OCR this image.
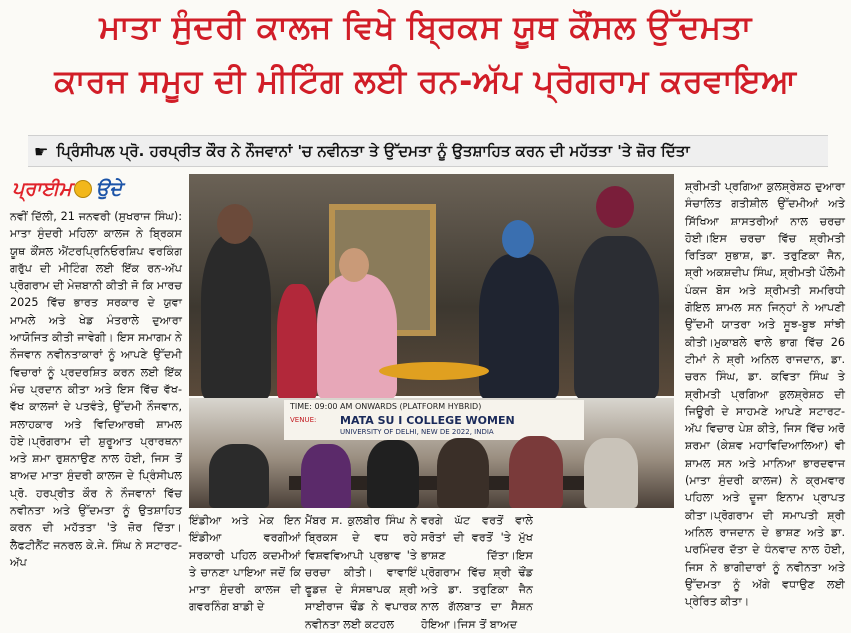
ਮਾਤਾ ਸੁੰਦਰੀ ਕਾਲਜ ਵਿਖੇ ਬ੍ਰਿਕਸ ਯੂਥ ਕੌਂਸਲ ਉੱਦਮਤਾ
ਕਾਰਜ ਸਮੂਹ ਦੀ ਮੀਟਿੰਗ ਲਈ ਰਨ-ਅੱਪ ਪ੍ਰੋਗਰਾਮ ਕਰਵਾਇਆ
☛ ਪ੍ਰਿੰਸੀਪਲ ਪ੍ਰੋ. ਹਰਪ੍ਰੀਤ ਕੌਰ ਨੇ ਨੌਜਵਾਨਾਂ 'ਚ ਨਵੀਨਤਾ ਤੇ ਉੱਦਮਤਾ ਨੂੰ ਉਤਸ਼ਾਹਿਤ ਕਰਨ ਦੀ ਮਹੱਤਤਾ 'ਤੇ ਜ਼ੋਰ ਦਿੱਤਾ
ਪ੍ਰਾਈਮ ਉਦੇ
ਨਵੀਂ ਦਿੱਲੀ, 21 ਜਨਵਰੀ (ਸੁਖਰਾਜ ਸਿੰਘ): ਮਾਤਾ ਸੁੰਦਰੀ ਮਹਿਲਾ ਕਾਲਜ ਨੇ ਬ੍ਰਿਕਸ ਯੂਥ ਕੌਂਸਲ ਐਂਟਰਪ੍ਰਿਨਿਓਰਸ਼ਿਪ ਵਰਕਿੰਗ ਗਰੁੱਪ ਦੀ ਮੀਟਿੰਗ ਲਈ ਇੱਕ ਰਨ-ਅੱਪ ਪ੍ਰੋਗਰਾਮ ਦੀ ਮੇਜ਼ਬਾਨੀ ਕੀਤੀ ਜੋ ਕਿ ਮਾਰਚ 2025 ਵਿੱਚ ਭਾਰਤ ਸਰਕਾਰ ਦੇ ਯੁਵਾ ਮਾਮਲੇ ਅਤੇ ਖੇਡ ਮੰਤਰਾਲੇ ਦੁਆਰਾ ਆਯੋਜਿਤ ਕੀਤੀ ਜਾਵੇਗੀ। ਇਸ ਸਮਾਗਮ ਨੇ ਨੌਜਵਾਨ ਨਵੀਨਤਾਕਾਰਾਂ ਨੂੰ ਆਪਣੇ ਉੱਦਮੀ ਵਿਚਾਰਾਂ ਨੂੰ ਪ੍ਰਦਰਸ਼ਿਤ ਕਰਨ ਲਈ ਇੱਕ ਮੰਚ ਪ੍ਰਦਾਨ ਕੀਤਾ ਅਤੇ ਇਸ ਵਿੱਚ ਵੱਖ-ਵੱਖ ਕਾਲਜਾਂ ਦੇ ਪਤਵੰਤੇ, ਉੱਦਮੀ ਨੌਜਵਾਨ, ਸਲਾਹਕਾਰ ਅਤੇ ਵਿਦਿਆਰਥੀ ਸ਼ਾਮਲ ਹੋਏ।ਪ੍ਰੋਗਰਾਮ ਦੀ ਸ਼ੁਰੂਆਤ ਪ੍ਰਾਰਥਨਾ ਅਤੇ ਸ਼ਮਾ ਰੁਸ਼ਨਾਉਣ ਨਾਲ ਹੋਈ, ਜਿਸ ਤੋਂ ਬਾਅਦ ਮਾਤਾ ਸੁੰਦਰੀ ਕਾਲਜ ਦੇ ਪ੍ਰਿੰਸੀਪਲ ਪ੍ਰੋ. ਹਰਪ੍ਰੀਤ ਕੌਰ ਨੇ ਨੌਜਵਾਨਾਂ ਵਿੱਚ ਨਵੀਨਤਾ ਅਤੇ ਉੱਦਮਤਾ ਨੂੰ ਉਤਸ਼ਾਹਿਤ ਕਰਨ ਦੀ ਮਹੱਤਤਾ 'ਤੇ ਜ਼ੋਰ ਦਿੱਤਾ। ਲੈਫਟੀਨੈਂਟ ਜਨਰਲ ਕੇ.ਜੇ. ਸਿੰਘ ਨੇ ਸਟਾਰਟ-ਅੱਪ
TIME: 09:00 AM ONWARDS (PLATFORM HYBRID)
VENUE: MATA SU I COLLEGE WOMEN
UNIVERSITY OF DELHI, NEW DE 2022, INDIA
ਇੰਡੀਆ ਅਤੇ ਮੇਕ ਇਨ ਇੰਡੀਆ ਵਰਗੀਆਂ ਸਰਕਾਰੀ ਪਹਿਲ ਕਦਮੀਆਂ ਤੇ ਚਾਨਣਾ ਪਾਇਆ ਜਦੋਂ ਕਿ ਮਾਤਾ ਸੁੰਦਰੀ ਕਾਲਜ ਦੀ ਗਵਰਨਿੰਗ ਬਾਡੀ ਦੇ
ਮੈਂਬਰ ਸ. ਕੁਲਬੀਰ ਸਿੰਘ ਨੇ ਬ੍ਰਿਕਸ ਦੇ ਵਧ ਰਹੇ ਵਿਸ਼ਵਵਿਆਪੀ ਪ੍ਰਭਾਵ 'ਤੇ ਚਰਚਾ ਕੀਤੀ। ਵਾਵਾਇੰ ਫੂਡਜ਼ ਦੇ ਸੰਸਥਾਪਕ ਸ਼੍ਰੀ ਸਾਈਰਾਜ ਢੌਂਡ ਨੇ ਵਪਾਰਕ ਨਵੀਨਤਾ ਲਈ ਕਟਹਲ
ਵਰਗੇ ਘੱਟ ਵਰਤੋਂ ਵਾਲੇ ਸਰੋਤਾਂ ਦੀ ਵਰਤੋਂ 'ਤੇ ਮੁੱਖ ਭਾਸ਼ਣ ਦਿੱਤਾ।ਇਸ ਪ੍ਰੋਗਰਾਮ ਵਿੱਚ ਸ਼੍ਰੀ ਢੌਂਡ ਅਤੇ ਡਾ. ਤਰੁਣਿਕਾ ਜੈਨ ਨਾਲ ਗੱਲਬਾਤ ਦਾ ਸੈਸ਼ਨ ਹੋਇਆ।ਜਿਸ ਤੋਂ ਬਾਅਦ
ਸ਼੍ਰੀਮਤੀ ਪ੍ਰਗਿਆ ਕੁਲਸ਼੍ਰੇਸ਼ਠ ਦੁਆਰਾ ਸੰਚਾਲਿਤ ਗਤੀਸ਼ੀਲ ਉੱਦਮੀਆਂ ਅਤੇ ਸਿੱਖਿਆ ਸ਼ਾਸਤਰੀਆਂ ਨਾਲ ਚਰਚਾ ਹੋਈ।ਇਸ ਚਰਚਾ ਵਿੱਚ ਸ਼੍ਰੀਮਤੀ ਰਿਤਿਕਾ ਸੁਭਾਸ਼, ਡਾ. ਤਰੁਣਿਕਾ ਜੈਨ, ਸ਼੍ਰੀ ਅਕਸ਼ਦੀਪ ਸਿੰਘ, ਸ਼੍ਰੀਮਤੀ ਪੌਲੋਮੀ ਪੰਕਜ ਬੋਸ ਅਤੇ ਸ਼੍ਰੀਮਤੀ ਸਮਰਿਧੀ ਗੋਇਲ ਸ਼ਾਮਲ ਸਨ ਜਿਨ੍ਹਾਂ ਨੇ ਆਪਣੀ ਉੱਦਮੀ ਯਾਤਰਾ ਅਤੇ ਸੂਝ-ਬੂਝ ਸਾਂਝੀ ਕੀਤੀ।ਮੁਕਾਬਲੇ ਵਾਲੇ ਭਾਗ ਵਿੱਚ 26 ਟੀਮਾਂ ਨੇ ਸ਼੍ਰੀ ਅਨਿਲ ਰਾਜਦਾਨ, ਡਾ. ਚਰਨ ਸਿੰਘ, ਡਾ. ਕਵਿਤਾ ਸਿੰਘ ਤੇ ਸ਼੍ਰੀਮਤੀ ਪ੍ਰਗਿਆ ਕੁਲਸ਼੍ਰੇਸ਼ਠ ਦੀ ਜਿਊਰੀ ਦੇ ਸਾਹਮਣੇ ਆਪਣੇ ਸਟਾਰਟ-ਅੱਪ ਵਿਚਾਰ ਪੇਸ਼ ਕੀਤੇ, ਜਿਸ ਵਿੱਚ ਅਰੋ ਸ਼ਰਮਾ (ਕੇਸ਼ਵ ਮਹਾਵਿਦਿਆਲਿਆ) ਵੀ ਸ਼ਾਮਲ ਸਨ ਅਤੇ ਮਾਨਿਆ ਭਾਰਦਵਾਜ (ਮਾਤਾ ਸੁੰਦਰੀ ਕਾਲਜ) ਨੇ ਕ੍ਰਮਵਾਰ ਪਹਿਲਾ ਅਤੇ ਦੂਜਾ ਇਨਾਮ ਪ੍ਰਾਪਤ ਕੀਤਾ।ਪ੍ਰੋਗਰਾਮ ਦੀ ਸਮਾਪਤੀ ਸ਼੍ਰੀ ਅਨਿਲ ਰਾਜਦਾਨ ਦੇ ਭਾਸ਼ਣ ਅਤੇ ਡਾ. ਪਰਮਿੰਦਰ ਦੱਤਾ ਦੇ ਧੰਨਵਾਦ ਨਾਲ ਹੋਈ, ਜਿਸ ਨੇ ਭਾਗੀਦਾਰਾਂ ਨੂੰ ਨਵੀਨਤਾ ਅਤੇ ਉੱਦਮਤਾ ਨੂੰ ਅੱਗੇ ਵਧਾਉਣ ਲਈ ਪ੍ਰੇਰਿਤ ਕੀਤਾ।
